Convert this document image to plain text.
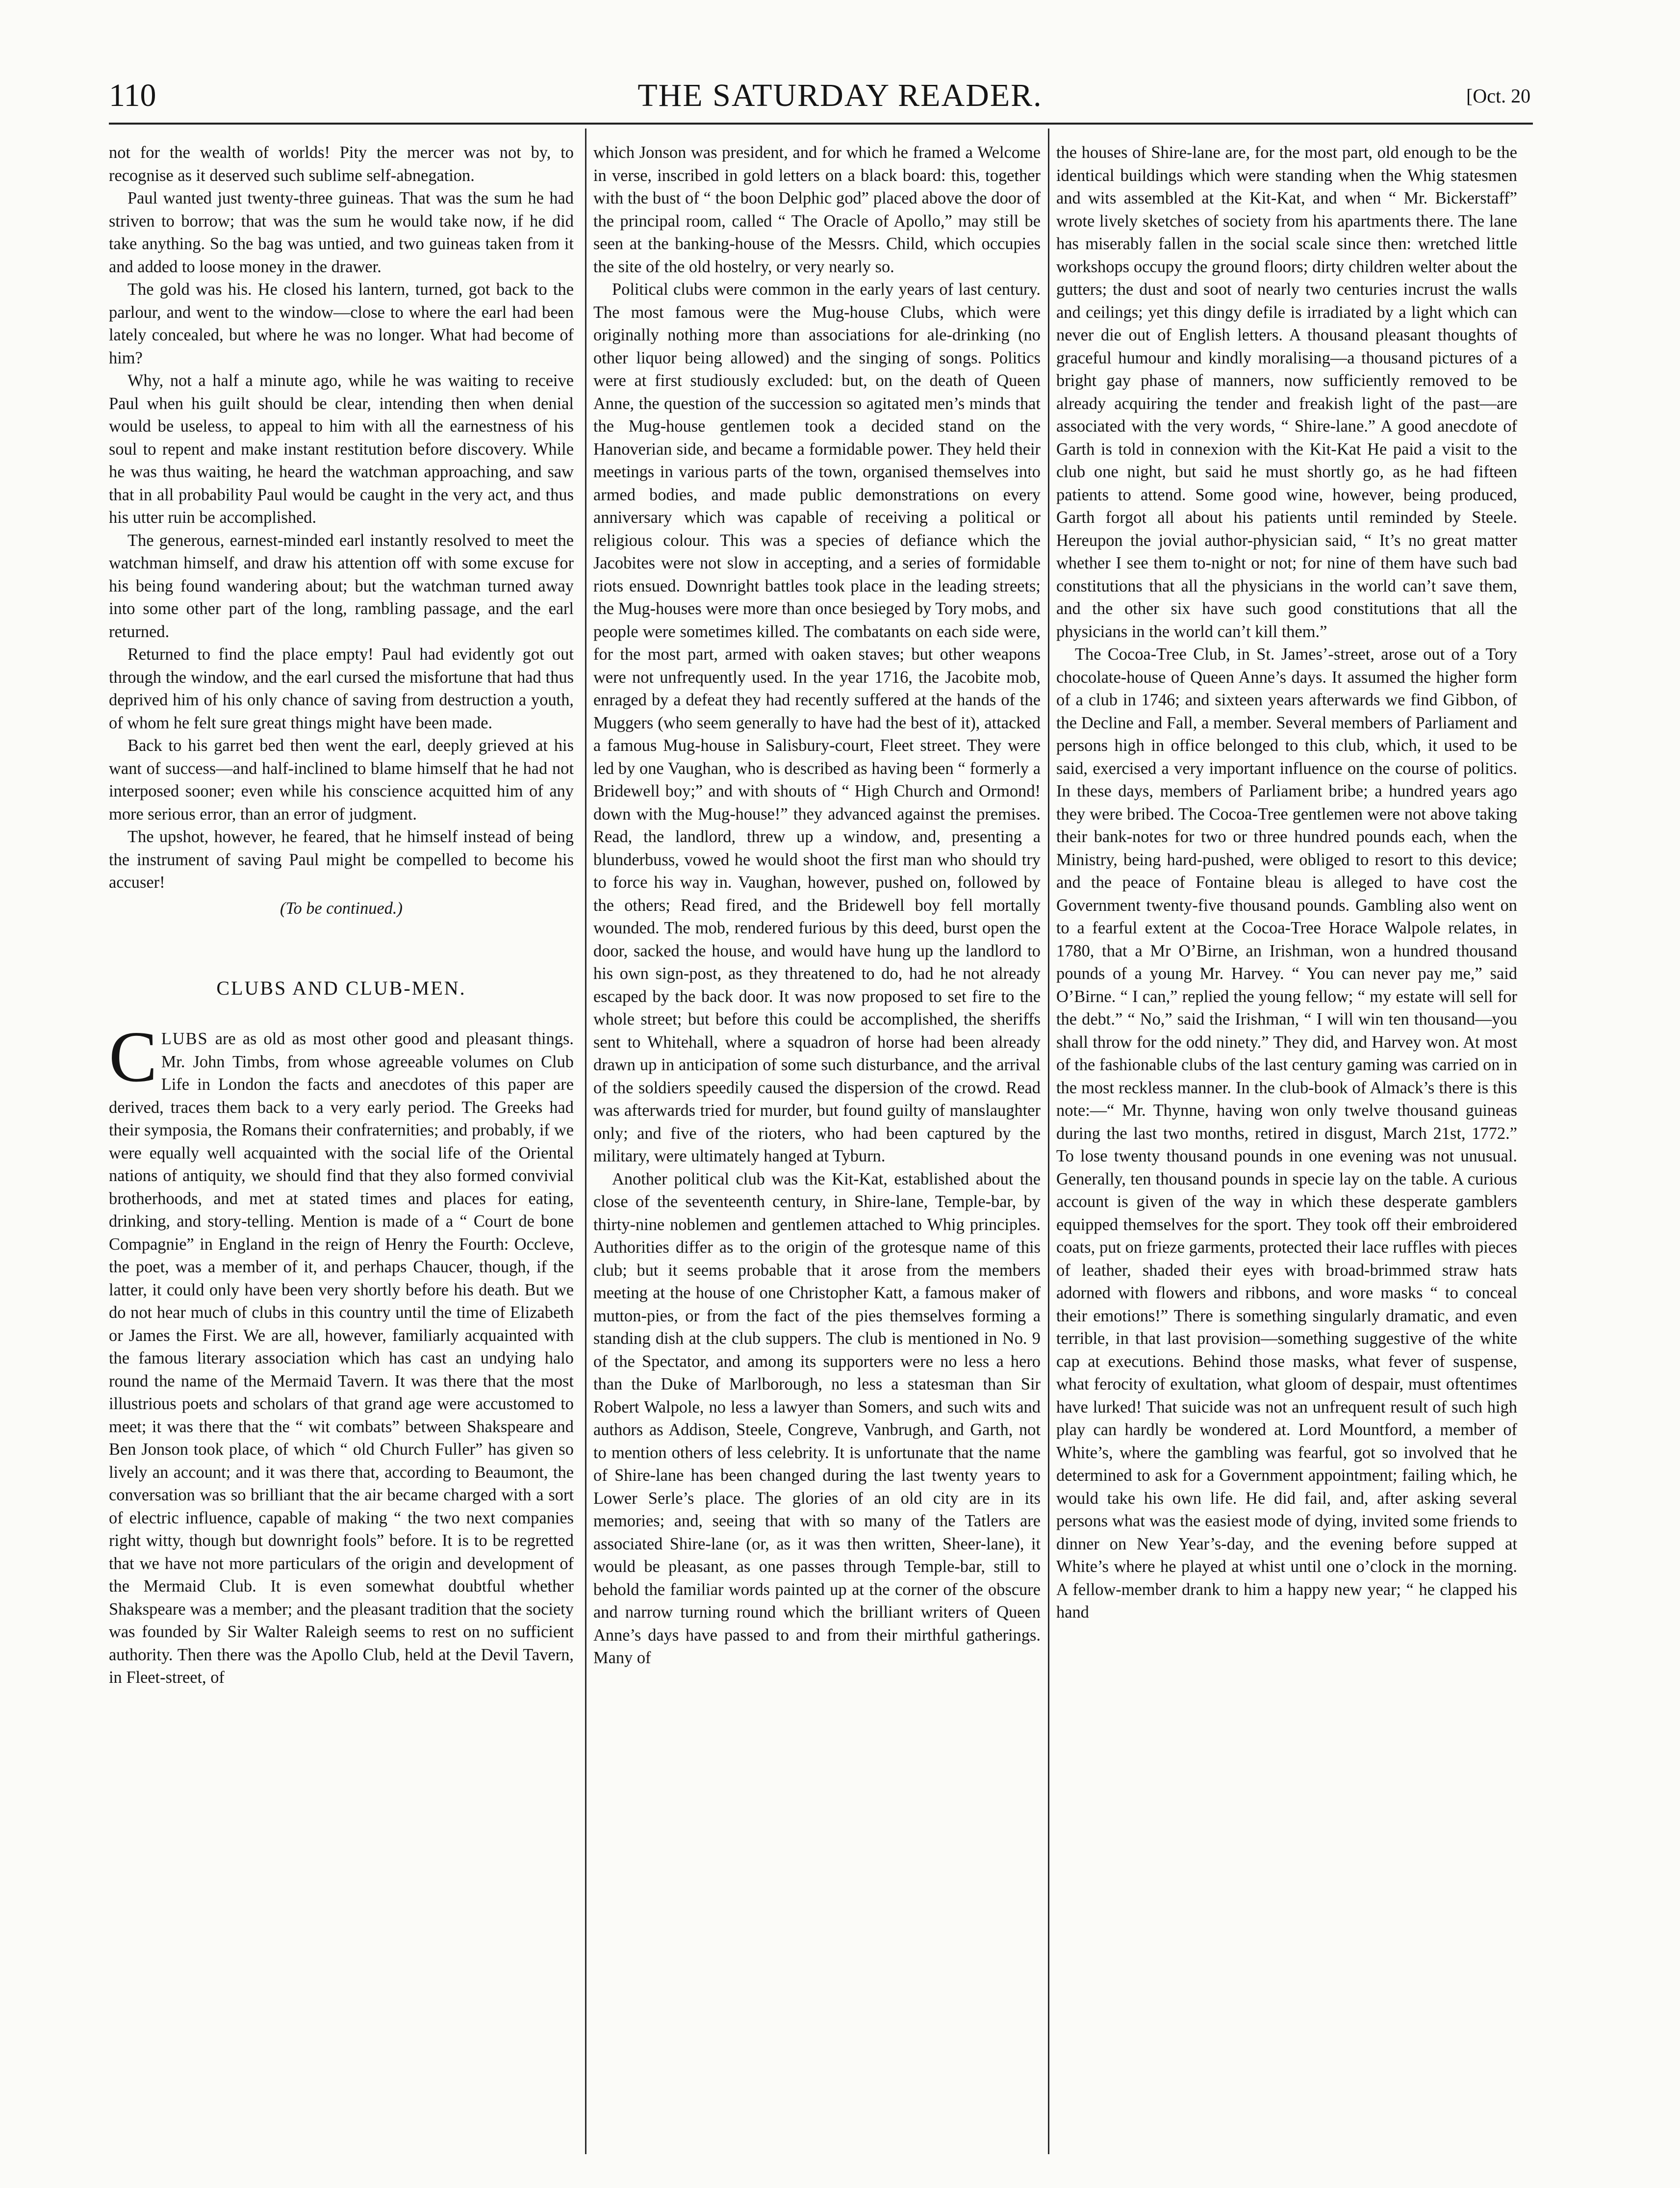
110	THE SATURDAY READER.	[Oct. 20

not for the wealth of worlds! Pity the mercer was not by, to recognise as it deserved such sublime self-abnegation.

Paul wanted just twenty-three guineas. That was the sum he had striven to borrow; that was the sum he would take now, if he did take anything. So the bag was untied, and two guineas taken from it and added to loose money in the drawer.

The gold was his. He closed his lantern, turned, got back to the parlour, and went to the window—close to where the earl had been lately concealed, but where he was no longer. What had become of him?

Why, not a half a minute ago, while he was waiting to receive Paul when his guilt should be clear, intending then when denial would be useless, to appeal to him with all the earnestness of his soul to repent and make instant restitution before discovery. While he was thus waiting, he heard the watchman approaching, and saw that in all probability Paul would be caught in the very act, and thus his utter ruin be accomplished.

The generous, earnest-minded earl instantly resolved to meet the watchman himself, and draw his attention off with some excuse for his being found wandering about; but the watchman turned away into some other part of the long, rambling passage, and the earl returned.

Returned to find the place empty! Paul had evidently got out through the window, and the earl cursed the misfortune that had thus deprived him of his only chance of saving from destruction a youth, of whom he felt sure great things might have been made.

Back to his garret bed then went the earl, deeply grieved at his want of success—and half-inclined to blame himself that he had not interposed sooner; even while his conscience acquitted him of any more serious error, than an error of judgment.

The upshot, however, he feared, that he himself instead of being the instrument of saving Paul might be compelled to become his accuser!

(To be continued.)
CLUBS AND CLUB-MEN.

CLUBS are as old as most other good and pleasant things. Mr. John Timbs, from whose agreeable volumes on Club Life in London the facts and anecdotes of this paper are derived, traces them back to a very early period. The Greeks had their symposia, the Romans their confraternities; and probably, if we were equally well acquainted with the social life of the Oriental nations of antiquity, we should find that they also formed convivial brotherhoods, and met at stated times and places for eating, drinking, and story-telling. Mention is made of a “ Court de bone Compagnie” in England in the reign of Henry the Fourth: Occleve, the poet, was a member of it, and perhaps Chaucer, though, if the latter, it could only have been very shortly before his death. But we do not hear much of clubs in this country until the time of Elizabeth or James the First. We are all, however, familiarly acquainted with the famous literary association which has cast an undying halo round the name of the Mermaid Tavern. It was there that the most illustrious poets and scholars of that grand age were accustomed to meet; it was there that the “ wit combats” between Shakspeare and Ben Jonson took place, of which “ old Church Fuller” has given so lively an account; and it was there that, according to Beaumont, the conversation was so brilliant that the air became charged with a sort of electric influence, capable of making “ the two next companies right witty, though but downright fools” before. It is to be regretted that we have not more particulars of the origin and development of the Mermaid Club. It is even somewhat doubtful whether Shakspeare was a member; and the pleasant tradition that the society was founded by Sir Walter Raleigh seems to rest on no sufficient authority. Then there was the Apollo Club, held at the Devil Tavern, in Fleet-street, of

which Jonson was president, and for which he framed a Welcome in verse, inscribed in gold letters on a black board: this, together with the bust of “ the boon Delphic god” placed above the door of the principal room, called “ The Oracle of Apollo,” may still be seen at the banking-house of the Messrs. Child, which occupies the site of the old hostelry, or very nearly so.

Political clubs were common in the early years of last century. The most famous were the Mug-house Clubs, which were originally nothing more than associations for ale-drinking (no other liquor being allowed) and the singing of songs. Politics were at first studiously excluded: but, on the death of Queen Anne, the question of the succession so agitated men’s minds that the Mug-house gentlemen took a decided stand on the Hanoverian side, and became a formidable power. They held their meetings in various parts of the town, organised themselves into armed bodies, and made public demonstrations on every anniversary which was capable of receiving a political or religious colour. This was a species of defiance which the Jacobites were not slow in accepting, and a series of formidable riots ensued. Downright battles took place in the leading streets; the Mug-houses were more than once besieged by Tory mobs, and people were sometimes killed. The combatants on each side were, for the most part, armed with oaken staves; but other weapons were not unfrequently used. In the year 1716, the Jacobite mob, enraged by a defeat they had recently suffered at the hands of the Muggers (who seem generally to have had the best of it), attacked a famous Mug-house in Salisbury-court, Fleet street. They were led by one Vaughan, who is described as having been “ formerly a Bridewell boy;” and with shouts of “ High Church and Ormond! down with the Mug-house!” they advanced against the premises. Read, the landlord, threw up a window, and, presenting a blunderbuss, vowed he would shoot the first man who should try to force his way in. Vaughan, however, pushed on, followed by the others; Read fired, and the Bridewell boy fell mortally wounded. The mob, rendered furious by this deed, burst open the door, sacked the house, and would have hung up the landlord to his own sign-post, as they threatened to do, had he not already escaped by the back door. It was now proposed to set fire to the whole street; but before this could be accomplished, the sheriffs sent to Whitehall, where a squadron of horse had been already drawn up in anticipation of some such disturbance, and the arrival of the soldiers speedily caused the dispersion of the crowd. Read was afterwards tried for murder, but found guilty of manslaughter only; and five of the rioters, who had been captured by the military, were ultimately hanged at Tyburn.

Another political club was the Kit-Kat, established about the close of the seventeenth century, in Shire-lane, Temple-bar, by thirty-nine noblemen and gentlemen attached to Whig principles. Authorities differ as to the origin of the grotesque name of this club; but it seems probable that it arose from the members meeting at the house of one Christopher Katt, a famous maker of mutton-pies, or from the fact of the pies themselves forming a standing dish at the club suppers. The club is mentioned in No. 9 of the Spectator, and among its supporters were no less a hero than the Duke of Marlborough, no less a statesman than Sir Robert Walpole, no less a lawyer than Somers, and such wits and authors as Addison, Steele, Congreve, Vanbrugh, and Garth, not to mention others of less celebrity. It is unfortunate that the name of Shire-lane has been changed during the last twenty years to Lower Serle’s place. The glories of an old city are in its memories; and, seeing that with so many of the Tatlers are associated Shire-lane (or, as it was then written, Sheer-lane), it would be pleasant, as one passes through Temple-bar, still to behold the familiar words painted up at the corner of the obscure and narrow turning round which the brilliant writers of Queen Anne’s days have passed to and from their mirthful gatherings. Many of

the houses of Shire-lane are, for the most part, old enough to be the identical buildings which were standing when the Whig statesmen and wits assembled at the Kit-Kat, and when “ Mr. Bickerstaff” wrote lively sketches of society from his apartments there. The lane has miserably fallen in the social scale since then: wretched little workshops occupy the ground floors; dirty children welter about the gutters; the dust and soot of nearly two centuries incrust the walls and ceilings; yet this dingy defile is irradiated by a light which can never die out of English letters. A thousand pleasant thoughts of graceful humour and kindly moralising—a thousand pictures of a bright gay phase of manners, now sufficiently removed to be already acquiring the tender and freakish light of the past—are associated with the very words, “ Shire-lane.” A good anecdote of Garth is told in connexion with the Kit-Kat He paid a visit to the club one night, but said he must shortly go, as he had fifteen patients to attend. Some good wine, however, being produced, Garth forgot all about his patients until reminded by Steele. Hereupon the jovial author-physician said, “ It’s no great matter whether I see them to-night or not; for nine of them have such bad constitutions that all the physicians in the world can’t save them, and the other six have such good constitutions that all the physicians in the world can’t kill them.”

The Cocoa-Tree Club, in St. James’-street, arose out of a Tory chocolate-house of Queen Anne’s days. It assumed the higher form of a club in 1746; and sixteen years afterwards we find Gibbon, of the Decline and Fall, a member. Several members of Parliament and persons high in office belonged to this club, which, it used to be said, exercised a very important influence on the course of politics. In these days, members of Parliament bribe; a hundred years ago they were bribed. The Cocoa-Tree gentlemen were not above taking their bank-notes for two or three hundred pounds each, when the Ministry, being hard-pushed, were obliged to resort to this device; and the peace of Fontaine bleau is alleged to have cost the Government twenty-five thousand pounds. Gambling also went on to a fearful extent at the Cocoa-Tree Horace Walpole relates, in 1780, that a Mr O’Birne, an Irishman, won a hundred thousand pounds of a young Mr. Harvey. “ You can never pay me,” said O’Birne. “ I can,” replied the young fellow; “ my estate will sell for the debt.” “ No,” said the Irishman, “ I will win ten thousand—you shall throw for the odd ninety.” They did, and Harvey won. At most of the fashionable clubs of the last century gaming was carried on in the most reckless manner. In the club-book of Almack’s there is this note:—“ Mr. Thynne, having won only twelve thousand guineas during the last two months, retired in disgust, March 21st, 1772.” To lose twenty thousand pounds in one evening was not unusual. Generally, ten thousand pounds in specie lay on the table. A curious account is given of the way in which these desperate gamblers equipped themselves for the sport. They took off their embroidered coats, put on frieze garments, protected their lace ruffles with pieces of leather, shaded their eyes with broad-brimmed straw hats adorned with flowers and ribbons, and wore masks “ to conceal their emotions!” There is something singularly dramatic, and even terrible, in that last provision—something suggestive of the white cap at executions. Behind those masks, what fever of suspense, what ferocity of exultation, what gloom of despair, must oftentimes have lurked! That suicide was not an unfrequent result of such high play can hardly be wondered at. Lord Mountford, a member of White’s, where the gambling was fearful, got so involved that he determined to ask for a Government appointment; failing which, he would take his own life. He did fail, and, after asking several persons what was the easiest mode of dying, invited some friends to dinner on New Year’s-day, and the evening before supped at White’s where he played at whist until one o’clock in the morning. A fellow-member drank to him a happy new year; “ he clapped his hand
